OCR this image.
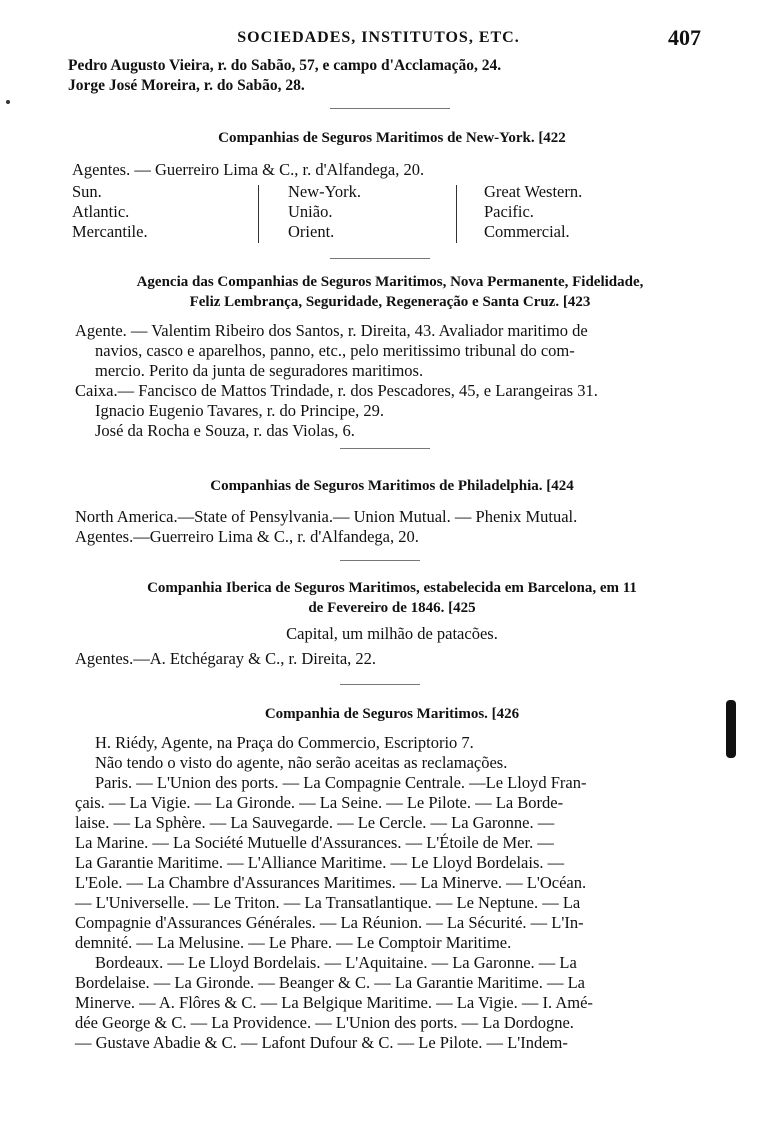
SOCIEDADES, INSTITUTOS, ETC.	407
Pedro Augusto Vieira, r. do Sabão, 57, e campo d'Acclamação, 24.
Jorge José Moreira, r. do Sabão, 28.
Companhias de Seguros Maritimos de New-York. [422
Agentes. — Guerreiro Lima & C., r. d'Alfandega, 20.
Sun.
Atlantic.
Mercantile.
New-York.
União.
Orient.
Great Western.
Pacific.
Commercial.
Agencia das Companhias de Seguros Maritimos, Nova Permanente, Fidelidade,
Feliz Lembrança, Seguridade, Regeneração e Santa Cruz. [423
Agente. — Valentim Ribeiro dos Santos, r. Direita, 43. Avaliador maritimo de
navios, casco e aparelhos, panno, etc., pelo meritissimo tribunal do com-
mercio. Perito da junta de seguradores maritimos.
Caixa.— Fancisco de Mattos Trindade, r. dos Pescadores, 45, e Larangeiras 31.
Ignacio Eugenio Tavares, r. do Principe, 29.
José da Rocha e Souza, r. das Violas, 6.
Companhias de Seguros Maritimos de Philadelphia. [424
North America.—State of Pensylvania.— Union Mutual. — Phenix Mutual.
Agentes.—Guerreiro Lima & C., r. d'Alfandega, 20.
Companhia Iberica de Seguros Maritimos, estabelecida em Barcelona, em 11
de Fevereiro de 1846. [425
Capital, um milhão de patacões.
Agentes.—A. Etchégaray & C., r. Direita, 22.
Companhia de Seguros Maritimos. [426
H. Riédy, Agente, na Praça do Commercio, Escriptorio 7.
Não tendo o visto do agente, não serão aceitas as reclamações.
Paris. — L'Union des ports. — La Compagnie Centrale. —Le Lloyd Fran-
çais. — La Vigie. — La Gironde. — La Seine. — Le Pilote. — La Borde-
laise. — La Sphère. — La Sauvegarde. — Le Cercle. — La Garonne. —
La Marine. — La Société Mutuelle d'Assurances. — L'Étoile de Mer. —
La Garantie Maritime. — L'Alliance Maritime. — Le Lloyd Bordelais. —
L'Eole. — La Chambre d'Assurances Maritimes. — La Minerve. — L'Océan.
— L'Universelle. — Le Triton. — La Transatlantique. — Le Neptune. — La
Compagnie d'Assurances Générales. — La Réunion. — La Sécurité. — L'In-
demnité. — La Melusine. — Le Phare. — Le Comptoir Maritime.
Bordeaux. — Le Lloyd Bordelais. — L'Aquitaine. — La Garonne. — La
Bordelaise. — La Gironde. — Beanger & C. — La Garantie Maritime. — La
Minerve. — A. Flôres & C. — La Belgique Maritime. — La Vigie. — I. Amé-
dée George & C. — La Providence. — L'Union des ports. — La Dordogne.
— Gustave Abadie & C. — Lafont Dufour & C. — Le Pilote. — L'Indem-
